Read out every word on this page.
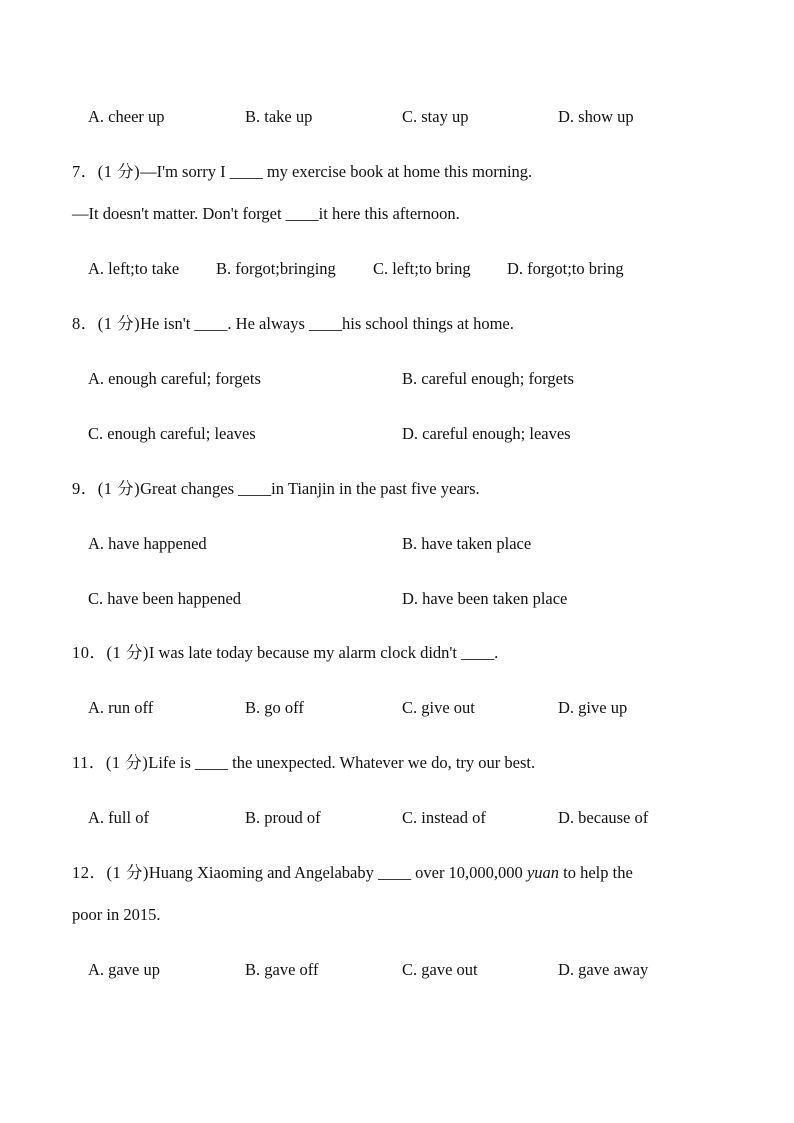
A. cheer up	B. take up	C. stay up	D. show up
7．(1 分)—I'm sorry I ____ my exercise book at home this morning.
—It doesn't matter. Don't forget ____it here this afternoon.
A. left;to take B. forgot;bringing C. left;to bring D. forgot;to bring
8．(1 分)He isn't ____. He always ____his school things at home.
A. enough careful; forgets	B. careful enough; forgets
C. enough careful; leaves	D. careful enough; leaves
9．(1 分)Great changes ____in Tianjin in the past five years.
A. have happened	B. have taken place
C. have been happened	D. have been taken place
10．(1 分)I was late today because my alarm clock didn't ____.
A. run off	B. go off	C. give out	D. give up
11．(1 分)Life is ____ the unexpected. Whatever we do, try our best.
A. full of	B. proud of	C. instead of	D. because of
12．(1 分)Huang Xiaoming and Angelababy ____ over 10,000,000 yuan to help the
poor in 2015.
A. gave up	B. gave off	C. gave out	D. gave away
